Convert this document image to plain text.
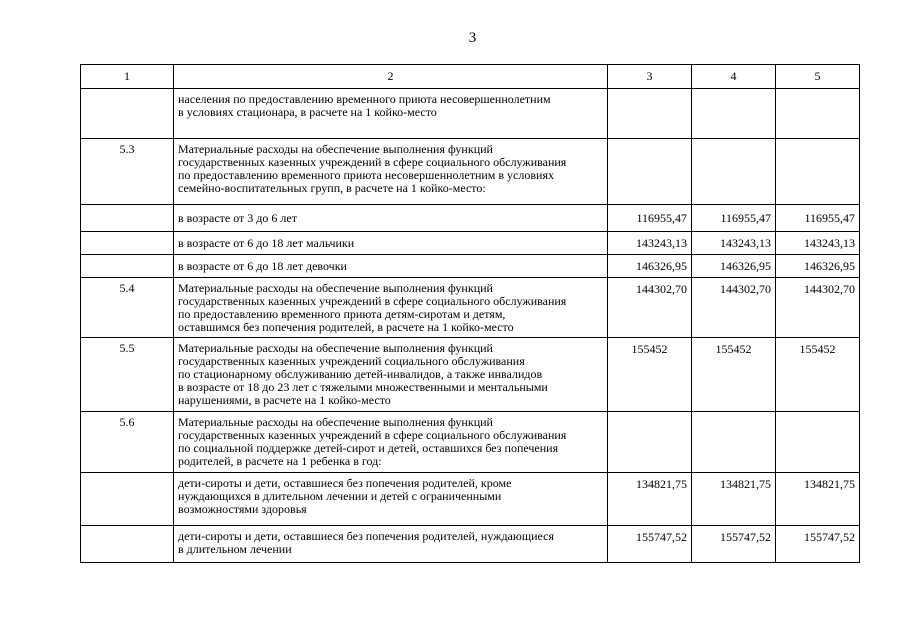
3
1	2	3	4	5
	населения по предоставлению временного приюта несовершеннолетним
в условиях стационара, в расчете на 1 койко-место			
5.3	Материальные расходы на обеспечение выполнения функций
государственных казенных учреждений в сфере социального обслуживания
по предоставлению временного приюта несовершеннолетним в условиях
семейно-воспитательных групп, в расчете на 1 койко-место:			
	в возрасте от 3 до 6 лет	116955,47	116955,47	116955,47
	в возрасте от 6 до 18 лет мальчики	143243,13	143243,13	143243,13
	в возрасте от 6 до 18 лет девочки	146326,95	146326,95	146326,95
5.4	Материальные расходы на обеспечение выполнения функций
государственных казенных учреждений в сфере социального обслуживания
по предоставлению временного приюта детям-сиротам и детям,
оставшимся без попечения родителей, в расчете на 1 койко-место	144302,70	144302,70	144302,70
5.5	Материальные расходы на обеспечение выполнения функций
государственных казенных учреждений социального обслуживания
по стационарному обслуживанию детей-инвалидов, а также инвалидов
в возрасте от 18 до 23 лет с тяжелыми множественными и ментальными
нарушениями, в расчете на 1 койко-место	155452	155452	155452
5.6	Материальные расходы на обеспечение выполнения функций
государственных казенных учреждений в сфере социального обслуживания
по социальной поддержке детей-сирот и детей, оставшихся без попечения
родителей, в расчете на 1 ребенка в год:			
	дети-сироты и дети, оставшиеся без попечения родителей, кроме
нуждающихся в длительном лечении и детей с ограниченными
возможностями здоровья	134821,75	134821,75	134821,75
	дети-сироты и дети, оставшиеся без попечения родителей, нуждающиеся
в длительном лечении	155747,52	155747,52	155747,52
